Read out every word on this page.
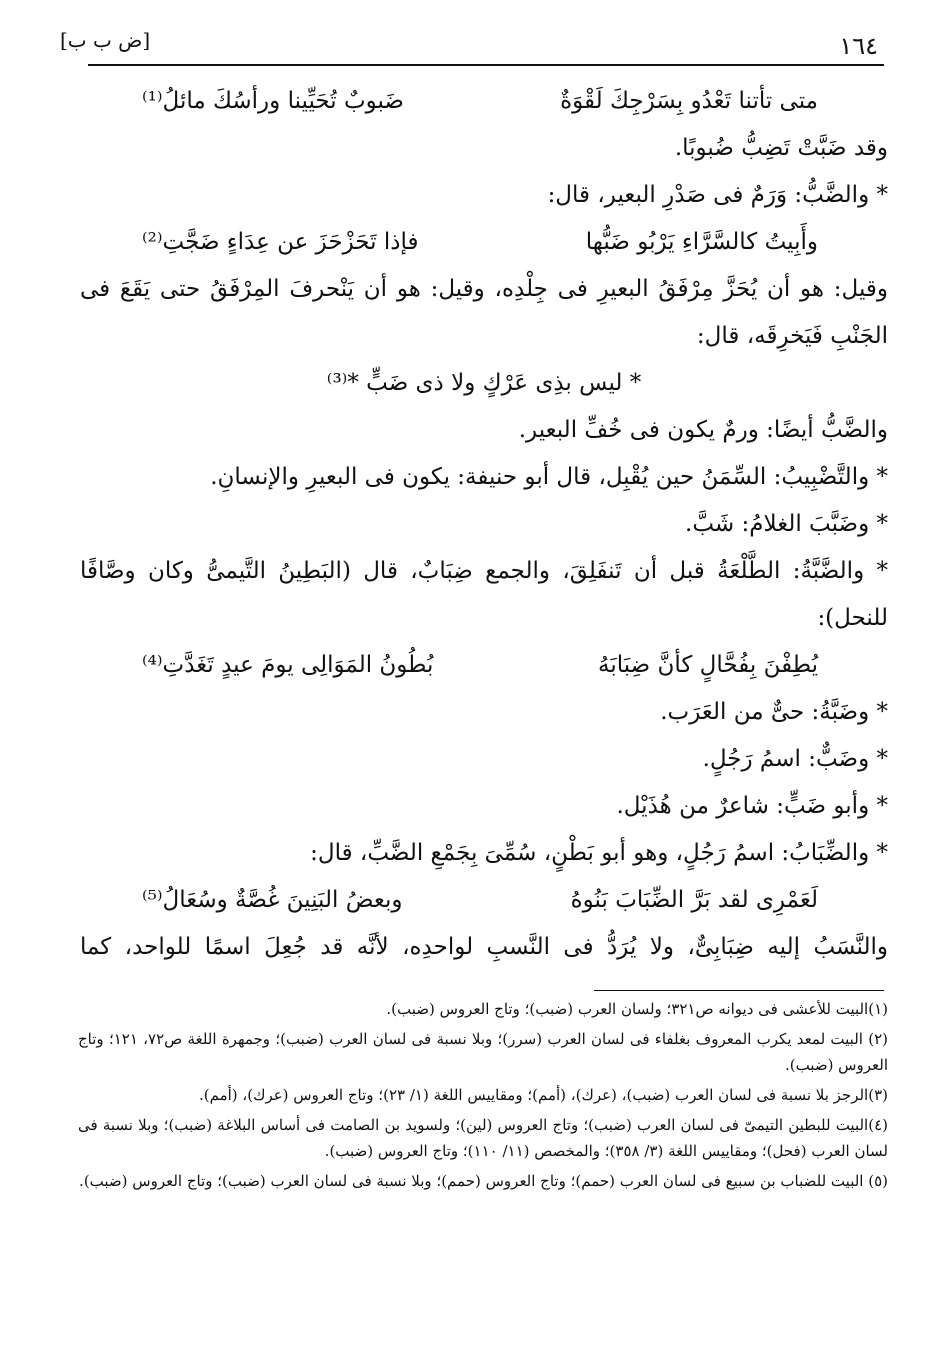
١٦٤
[ض ب ب]
متى تأتنا تَعْدُو بِسَرْجِكَ لَقْوَةٌ
ضَبوبٌ تُحَيِّينا ورأسُكَ مائلُ⁽¹⁾
وقد ضَبَّتْ تَضِبُّ ضُبوبًا.
* والضَّبُّ: وَرَمٌ فى صَدْرِ البعير، قال:
وأَبِيتُ كالسَّرَّاءِ يَرْبُو ضَبُّها
فإذا تَحَزْحَزَ عن عِدَاءٍ ضَجَّتِ⁽²⁾
وقيل: هو أن يُحَزَّ مِرْفَقُ البعيرِ فى جِلْدِه، وقيل: هو أن يَنْحرفَ المِرْفَقُ حتى يَقَعَ فى
الجَنْبِ فَيَخرِقَه، قال:
* ليس بذِى عَرْكٍ ولا ذى ضَبٍّ *⁽³⁾
والضَّبُّ أيضًا: ورمٌ يكون فى خُفِّ البعير.
* والتَّضْبِيبُ: السِّمَنُ حين يُقْبِل، قال أبو حنيفة: يكون فى البعيرِ والإنسانِ.
* وضَبَّبَ الغلامُ: شَبَّ.
* والضَّبَّةُ: الطَّلْعَةُ قبل أن تَنفَلِقَ، والجمع ضِبَابٌ، قال (البَطِينُ التَّيمىُّ وكان وصَّافًا
للنحل):
يُطِفْنَ بِفُحَّالٍ كأنَّ ضِبَابَهُ
بُطُونُ المَوَالِى يومَ عيدٍ تَغَدَّتِ⁽⁴⁾
* وضَبَّةُ: حىٌّ من العَرَب.
* وضَبٌّ: اسمُ رَجُلٍ.
* وأبو ضَبٍّ: شاعرٌ من هُذَيْل.
* والضِّبَابُ: اسمُ رَجُلٍ، وهو أبو بَطْنٍ، سُمِّىَ بِجَمْعِ الضَّبِّ، قال:
لَعَمْرِى لقد بَرَّ الضِّبَابَ بَنُوهُ
وبعضُ البَنِينَ غُصَّةٌ وسُعَالُ⁽⁵⁾
والنَّسَبُ إليه ضِبَابِىٌّ، ولا يُرَدُّ فى النَّسبِ لواحدِه، لأنَّه قد جُعِلَ اسمًا للواحد، كما
(١)البيت للأعشى فى ديوانه ص٣٢١؛ ولسان العرب (ضبب)؛ وتاج العروس (ضبب).
(٢) البيت لمعد يكرب المعروف بغلفاء فى لسان العرب (سرر)؛ وبلا نسبة فى لسان العرب (ضبب)؛ وجمهرة اللغة ص٧٢، ١٢١؛ وتاج العروس (ضبب).
(٣)الرجز بلا نسبة فى لسان العرب (ضبب)، (عرك)، (أمم)؛ ومقاييس اللغة (١/ ٢٣)؛ وتاج العروس (عرك)، (أمم).
(٤)البيت للبطين التيمىّ فى لسان العرب (ضبب)؛ وتاج العروس (لين)؛ ولسويد بن الصامت فى أساس البلاغة (ضبب)؛ وبلا نسبة فى لسان العرب (فحل)؛ ومقاييس اللغة (٣/ ٣٥٨)؛ والمخصص (١١/ ١١٠)؛ وتاج العروس (ضبب).
(٥) البيت للضباب بن سبيع فى لسان العرب (حمم)؛ وتاج العروس (حمم)؛ وبلا نسبة فى لسان العرب (ضبب)؛ وتاج العروس (ضبب).
